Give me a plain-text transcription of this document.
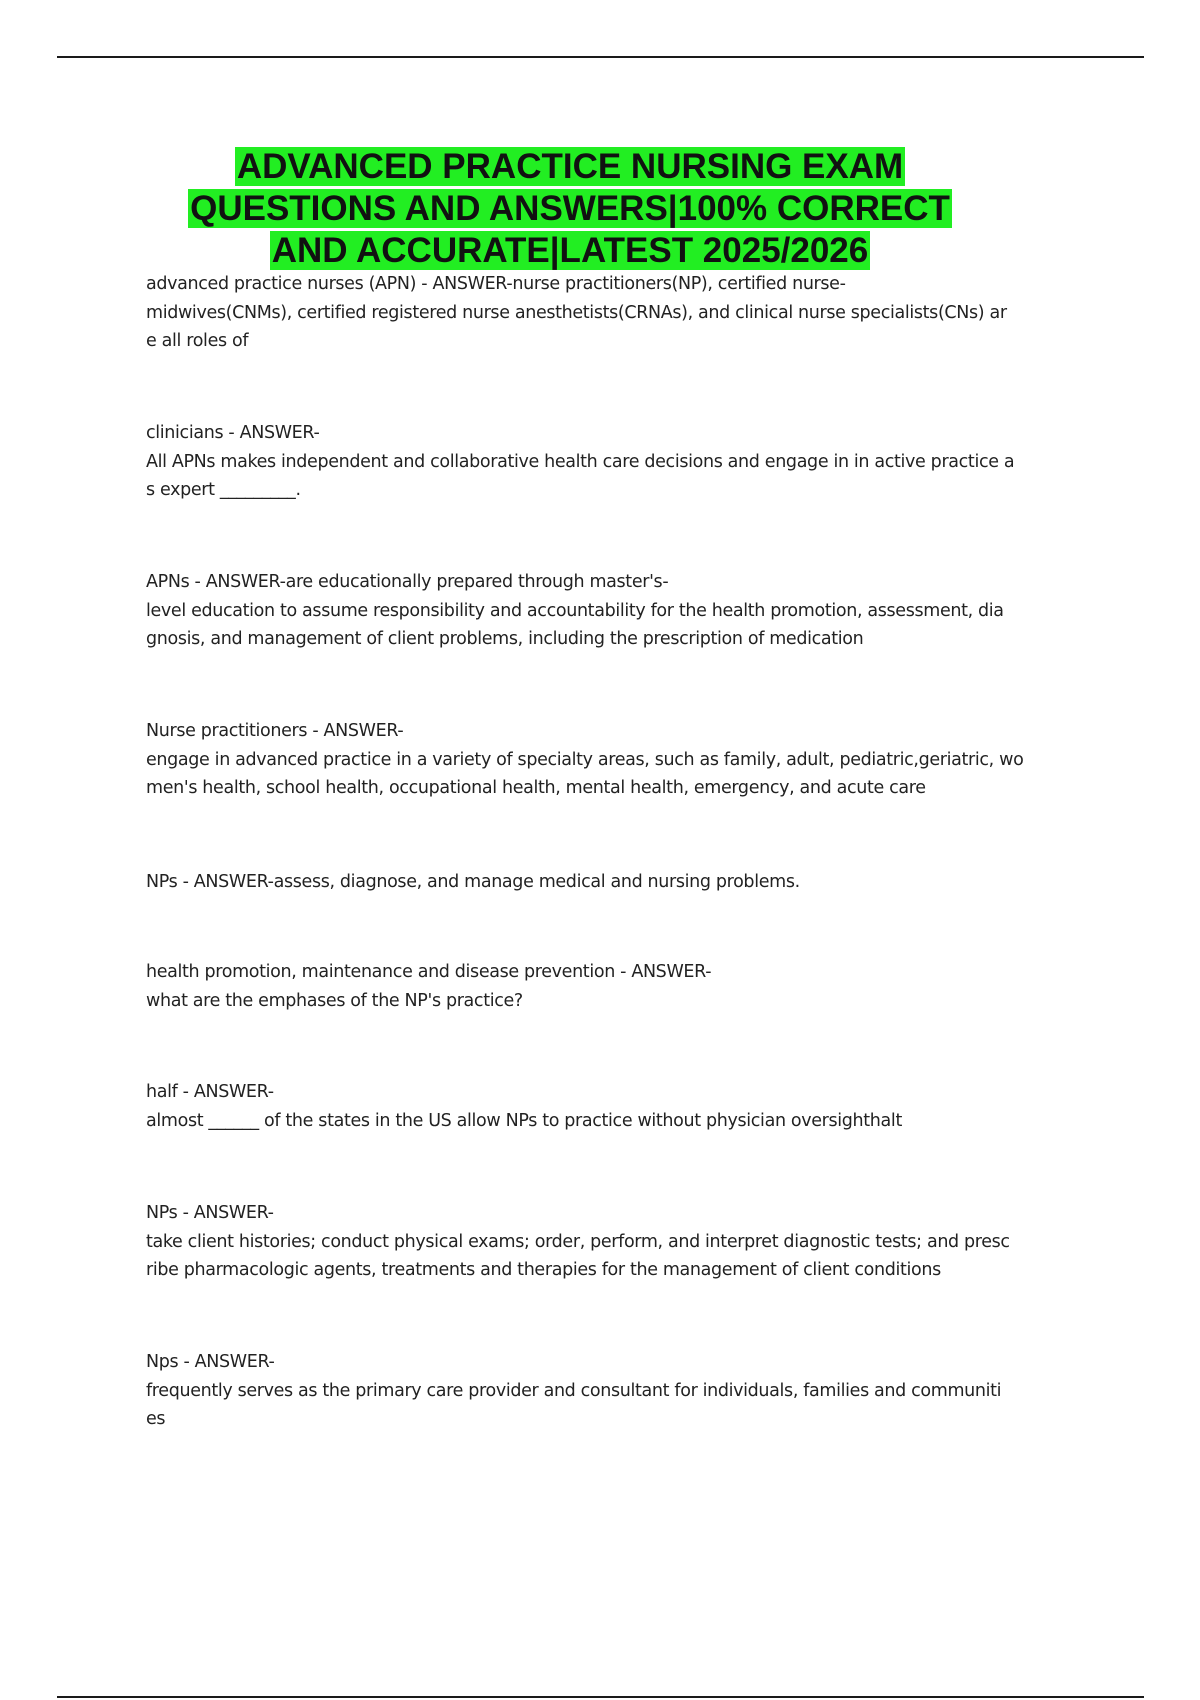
ADVANCED PRACTICE NURSING EXAM
QUESTIONS AND ANSWERS|100% CORRECT
AND ACCURATE|LATEST 2025/2026
advanced practice nurses (APN) - ANSWER-nurse practitioners(NP), certified nurse-
midwives(CNMs), certified registered nurse anesthetists(CRNAs), and clinical nurse specialists(CNs) ar
e all roles of
clinicians - ANSWER-
All APNs makes independent and collaborative health care decisions and engage in in active practice a
s expert _________.
APNs - ANSWER-are educationally prepared through master's-
level education to assume responsibility and accountability for the health promotion, assessment, dia
gnosis, and management of client problems, including the prescription of medication
Nurse practitioners - ANSWER-
engage in advanced practice in a variety of specialty areas, such as family, adult, pediatric,geriatric, wo
men's health, school health, occupational health, mental health, emergency, and acute care
NPs - ANSWER-assess, diagnose, and manage medical and nursing problems.
health promotion, maintenance and disease prevention - ANSWER-
what are the emphases of the NP's practice?
half - ANSWER-
almost ______ of the states in the US allow NPs to practice without physician oversighthalt
NPs - ANSWER-
take client histories; conduct physical exams; order, perform, and interpret diagnostic tests; and presc
ribe pharmacologic agents, treatments and therapies for the management of client conditions
Nps - ANSWER-
frequently serves as the primary care provider and consultant for individuals, families and communiti
es
